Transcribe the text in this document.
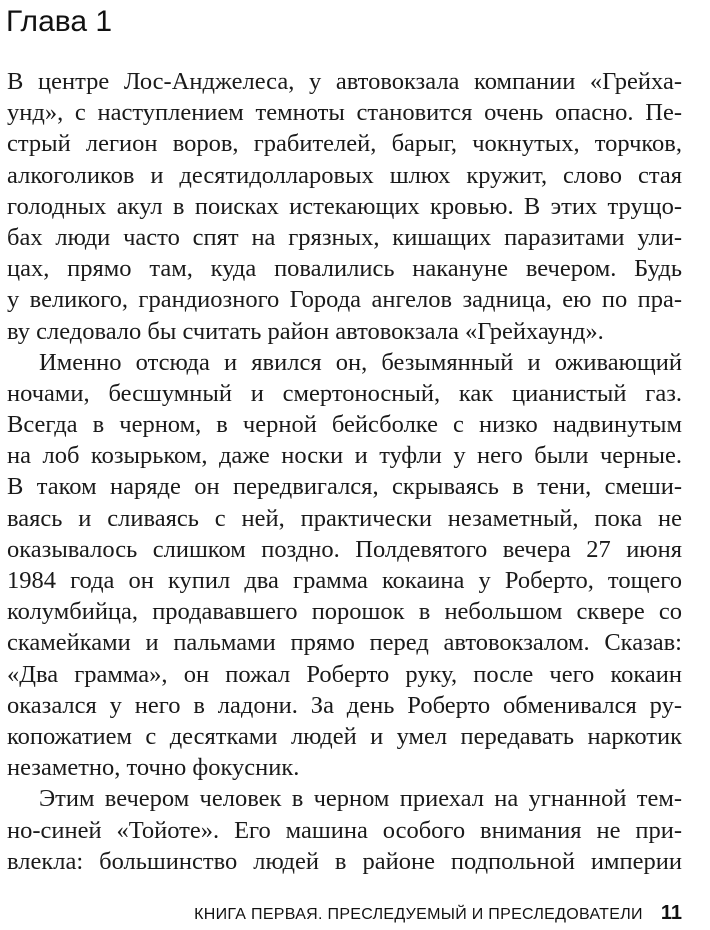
Глава 1
В центре Лос-Анджелеса, у автовокзала компании «Грейха-
унд», с наступлением темноты становится очень опасно. Пе-
стрый легион воров, грабителей, барыг, чокнутых, торчков,
алкоголиков и десятидолларовых шлюх кружит, слово стая
голодных акул в поисках истекающих кровью. В этих трущо-
бах люди часто спят на грязных, кишащих паразитами ули-
цах, прямо там, куда повалились накануне вечером. Будь
у великого, грандиозного Города ангелов задница, ею по пра-
ву следовало бы считать район автовокзала «Грейхаунд».
Именно отсюда и явился он, безымянный и оживающий
ночами, бесшумный и смертоносный, как цианистый газ.
Всегда в черном, в черной бейсболке с низко надвинутым
на лоб козырьком, даже носки и туфли у него были черные.
В таком наряде он передвигался, скрываясь в тени, смеши-
ваясь и сливаясь с ней, практически незаметный, пока не
оказывалось слишком поздно. Полдевятого вечера 27 июня
1984 года он купил два грамма кокаина у Роберто, тощего
колумбийца, продававшего порошок в небольшом сквере со
скамейками и пальмами прямо перед автовокзалом. Сказав:
«Два грамма», он пожал Роберто руку, после чего кокаин
оказался у него в ладони. За день Роберто обменивался ру-
копожатием с десятками людей и умел передавать наркотик
незаметно, точно фокусник.
Этим вечером человек в черном приехал на угнанной тем-
но-синей «Тойоте». Его машина особого внимания не при-
влекла: большинство людей в районе подпольной империи
КНИГА ПЕРВАЯ. ПРЕСЛЕДУЕМЫЙ И ПРЕСЛЕДОВАТЕЛИ 11
